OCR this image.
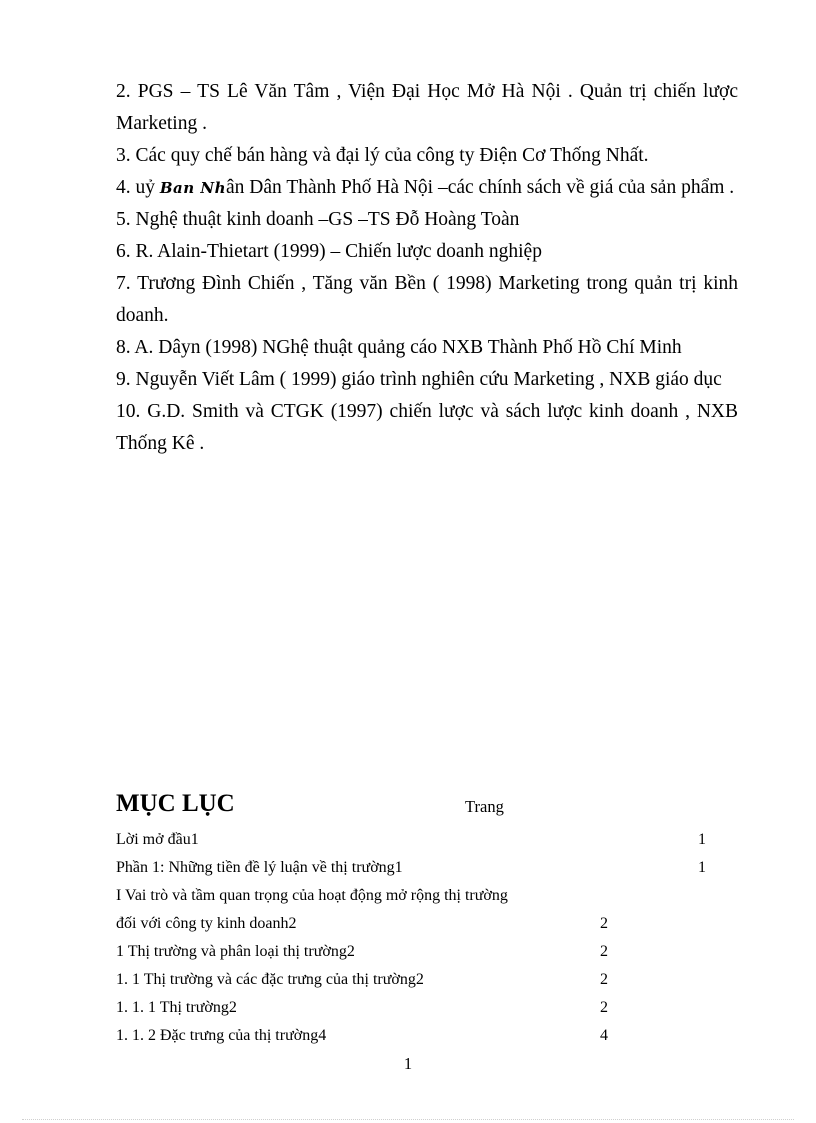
2. PGS – TS Lê Văn Tâm , Viện Đại Học Mở Hà Nội . Quản trị chiến lược Marketing .

3. Các quy chế bán hàng và đại lý của công ty Điện Cơ Thống Nhất.

4. uỷ Ban Nhân Dân Thành Phố Hà Nội –các chính sách về giá của sản phẩm .

5. Nghệ thuật kinh doanh –GS –TS Đỗ Hoàng Toàn

6. R. Alain-Thietart (1999) – Chiến lược doanh nghiệp

7. Trương Đình Chiến , Tăng văn Bền ( 1998) Marketing trong quản trị kinh doanh.

8. A. Dâyn (1998) NGhệ thuật quảng cáo NXB Thành Phố Hồ Chí Minh

9. Nguyễn Viết Lâm ( 1999) giáo trình nghiên cứu Marketing , NXB giáo dục

10. G.D. Smith và CTGK (1997) chiến lược và sách lược kinh doanh , NXB Thống Kê .

MỤC LỤC	Trang
Lời mở đầu1	1
Phần 1: Những tiền đề lý luận về thị trường1	1
I Vai trò và tầm quan trọng của hoạt động mở rộng thị trường
đối với công ty kinh doanh2	2
1 Thị trường và phân loại thị trường2	2
1. 1 Thị trường và các đặc trưng của thị trường2	2
1. 1. 1 Thị trường2	2
1. 1. 2 Đặc trưng của thị trường4	4
1
